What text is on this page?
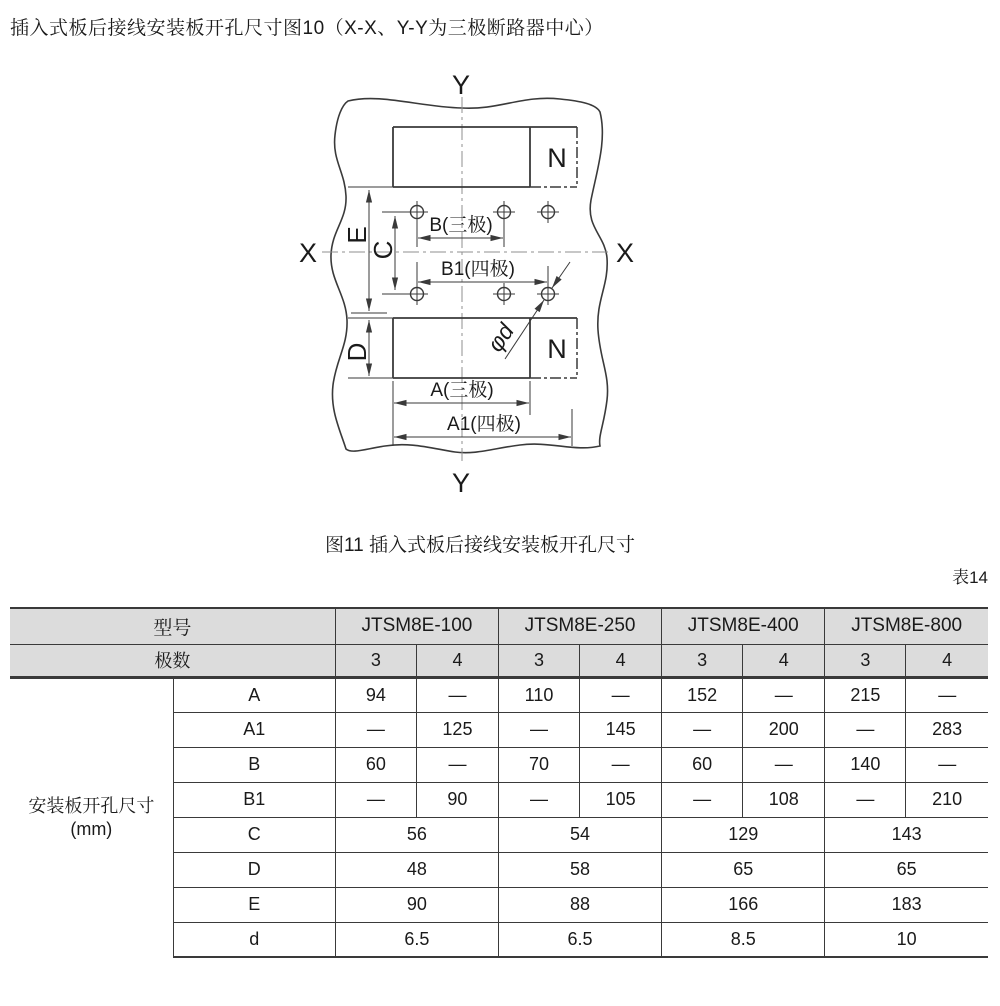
插入式板后接线安装板开孔尺寸图10（X-X、Y-Y为三极断路器中心）
Y
Y
X	X
N
N
E
C
D
B(三极)
B1(四极)
A(三极)
A1(四极)
φd
图11 插入式板后接线安装板开孔尺寸
表14
型号		JTSM8E-100		JTSM8E-250		JTSM8E-400		JTSM8E-800	
极数		3	4	3	4	3	4	3	4
安装板开孔尺寸
(mm)	A	94	—	110	—	152	—	215	—
	A1	—	125	—	145	—	200	—	283
	B	60	—	70	—	60	—	140	—
	B1	—	90	—	105	—	108	—	210
	C	56		54		129		143	
	D	48		58		65		65	
	E	90		88		166		183	
	d	6.5		6.5		8.5		10	
